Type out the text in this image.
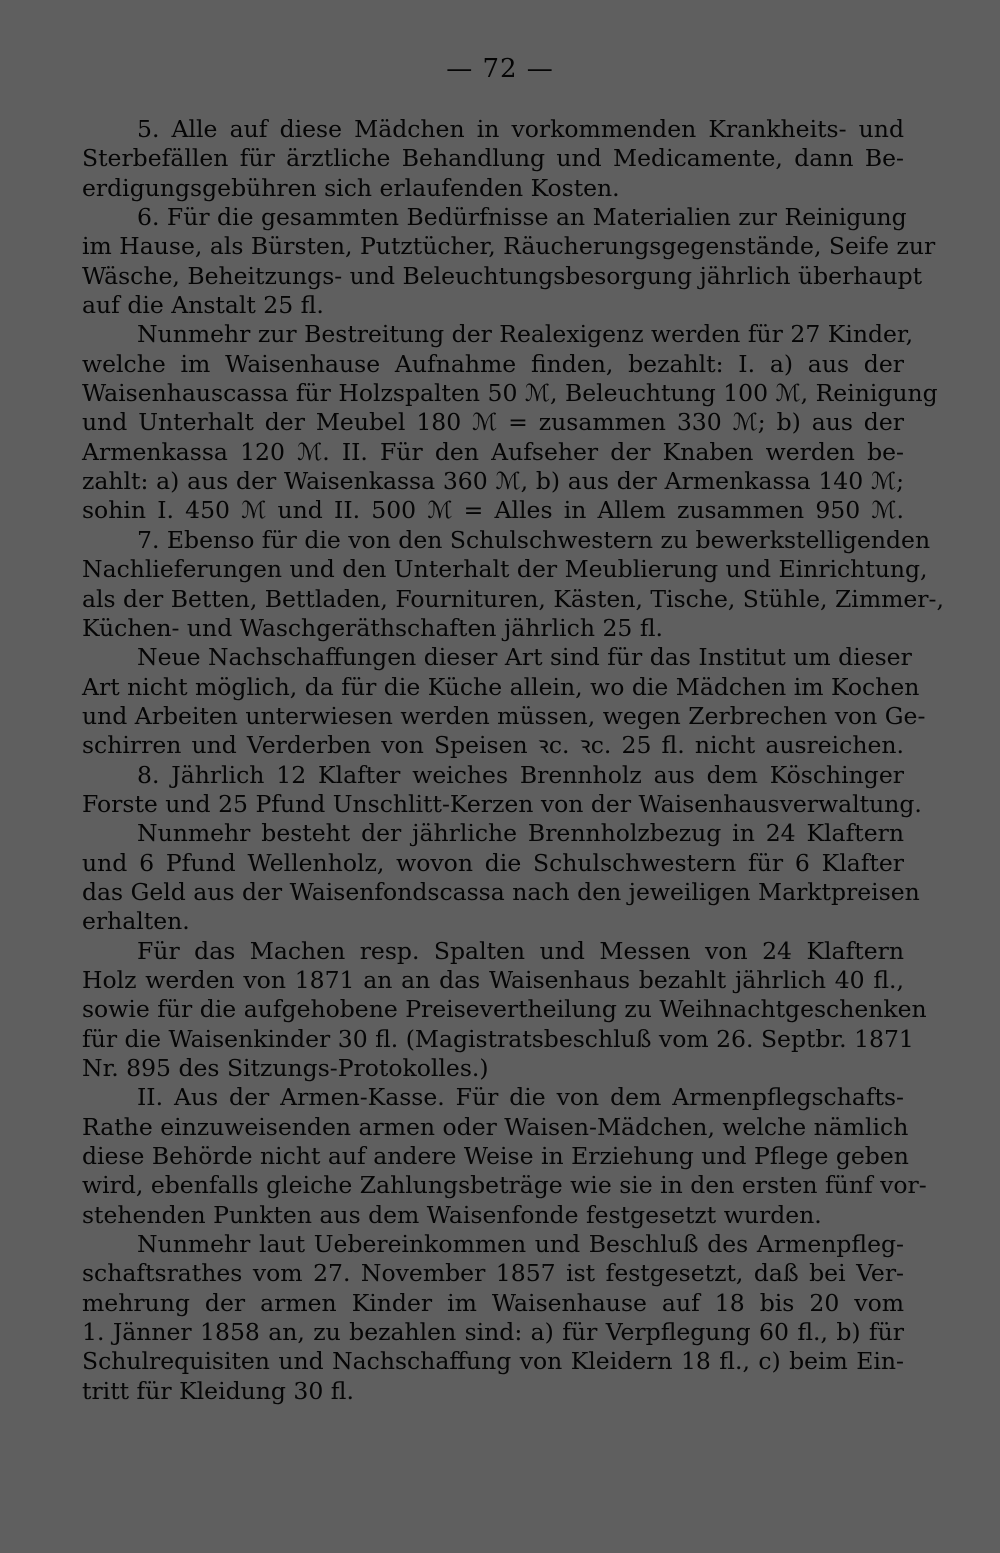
— 72 —
5. Alle auf diese Mädchen in vorkommenden Krankheits- und
Sterbefällen für ärztliche Behandlung und Medicamente, dann Be-
erdigungsgebühren sich erlaufenden Kosten.
6. Für die gesammten Bedürfnisse an Materialien zur Reinigung
im Hause, als Bürsten, Putztücher, Räucherungsgegenstände, Seife zur
Wäsche, Beheitzungs- und Beleuchtungsbesorgung jährlich überhaupt
auf die Anstalt 25 fl.
Nunmehr zur Bestreitung der Realexigenz werden für 27 Kinder,
welche im Waisenhause Aufnahme finden, bezahlt: I. a) aus der
Waisenhauscassa für Holzspalten 50 ℳ, Beleuchtung 100 ℳ, Reinigung
und Unterhalt der Meubel 180 ℳ = zusammen 330 ℳ; b) aus der
Armenkassa 120 ℳ. II. Für den Aufseher der Knaben werden be-
zahlt: a) aus der Waisenkassa 360 ℳ, b) aus der Armenkassa 140 ℳ;
sohin I. 450 ℳ und II. 500 ℳ = Alles in Allem zusammen 950 ℳ.
7. Ebenso für die von den Schulschwestern zu bewerkstelligenden
Nachlieferungen und den Unterhalt der Meublierung und Einrichtung,
als der Betten, Bettladen, Fournituren, Kästen, Tische, Stühle, Zimmer-,
Küchen- und Waschgeräthschaften jährlich 25 fl.
Neue Nachschaffungen dieser Art sind für das Institut um dieser
Art nicht möglich, da für die Küche allein, wo die Mädchen im Kochen
und Arbeiten unterwiesen werden müssen, wegen Zerbrechen von Ge-
schirren und Verderben von Speisen ꝛc. ꝛc. 25 fl. nicht ausreichen.
8. Jährlich 12 Klafter weiches Brennholz aus dem Köschinger
Forste und 25 Pfund Unschlitt-Kerzen von der Waisenhausverwaltung.
Nunmehr besteht der jährliche Brennholzbezug in 24 Klaftern
und 6 Pfund Wellenholz, wovon die Schulschwestern für 6 Klafter
das Geld aus der Waisenfondscassa nach den jeweiligen Marktpreisen
erhalten.
Für das Machen resp. Spalten und Messen von 24 Klaftern
Holz werden von 1871 an an das Waisenhaus bezahlt jährlich 40 fl.,
sowie für die aufgehobene Preisevertheilung zu Weihnachtgeschenken
für die Waisenkinder 30 fl. (Magistratsbeschluß vom 26. Septbr. 1871
Nr. 895 des Sitzungs-Protokolles.)
II. Aus der Armen-Kasse. Für die von dem Armenpflegschafts-
Rathe einzuweisenden armen oder Waisen-Mädchen, welche nämlich
diese Behörde nicht auf andere Weise in Erziehung und Pflege geben
wird, ebenfalls gleiche Zahlungsbeträge wie sie in den ersten fünf vor-
stehenden Punkten aus dem Waisenfonde festgesetzt wurden.
Nunmehr laut Uebereinkommen und Beschluß des Armenpfleg-
schaftsrathes vom 27. November 1857 ist festgesetzt, daß bei Ver-
mehrung der armen Kinder im Waisenhause auf 18 bis 20 vom
1. Jänner 1858 an, zu bezahlen sind: a) für Verpflegung 60 fl., b) für
Schulrequisiten und Nachschaffung von Kleidern 18 fl., c) beim Ein-
tritt für Kleidung 30 fl.
